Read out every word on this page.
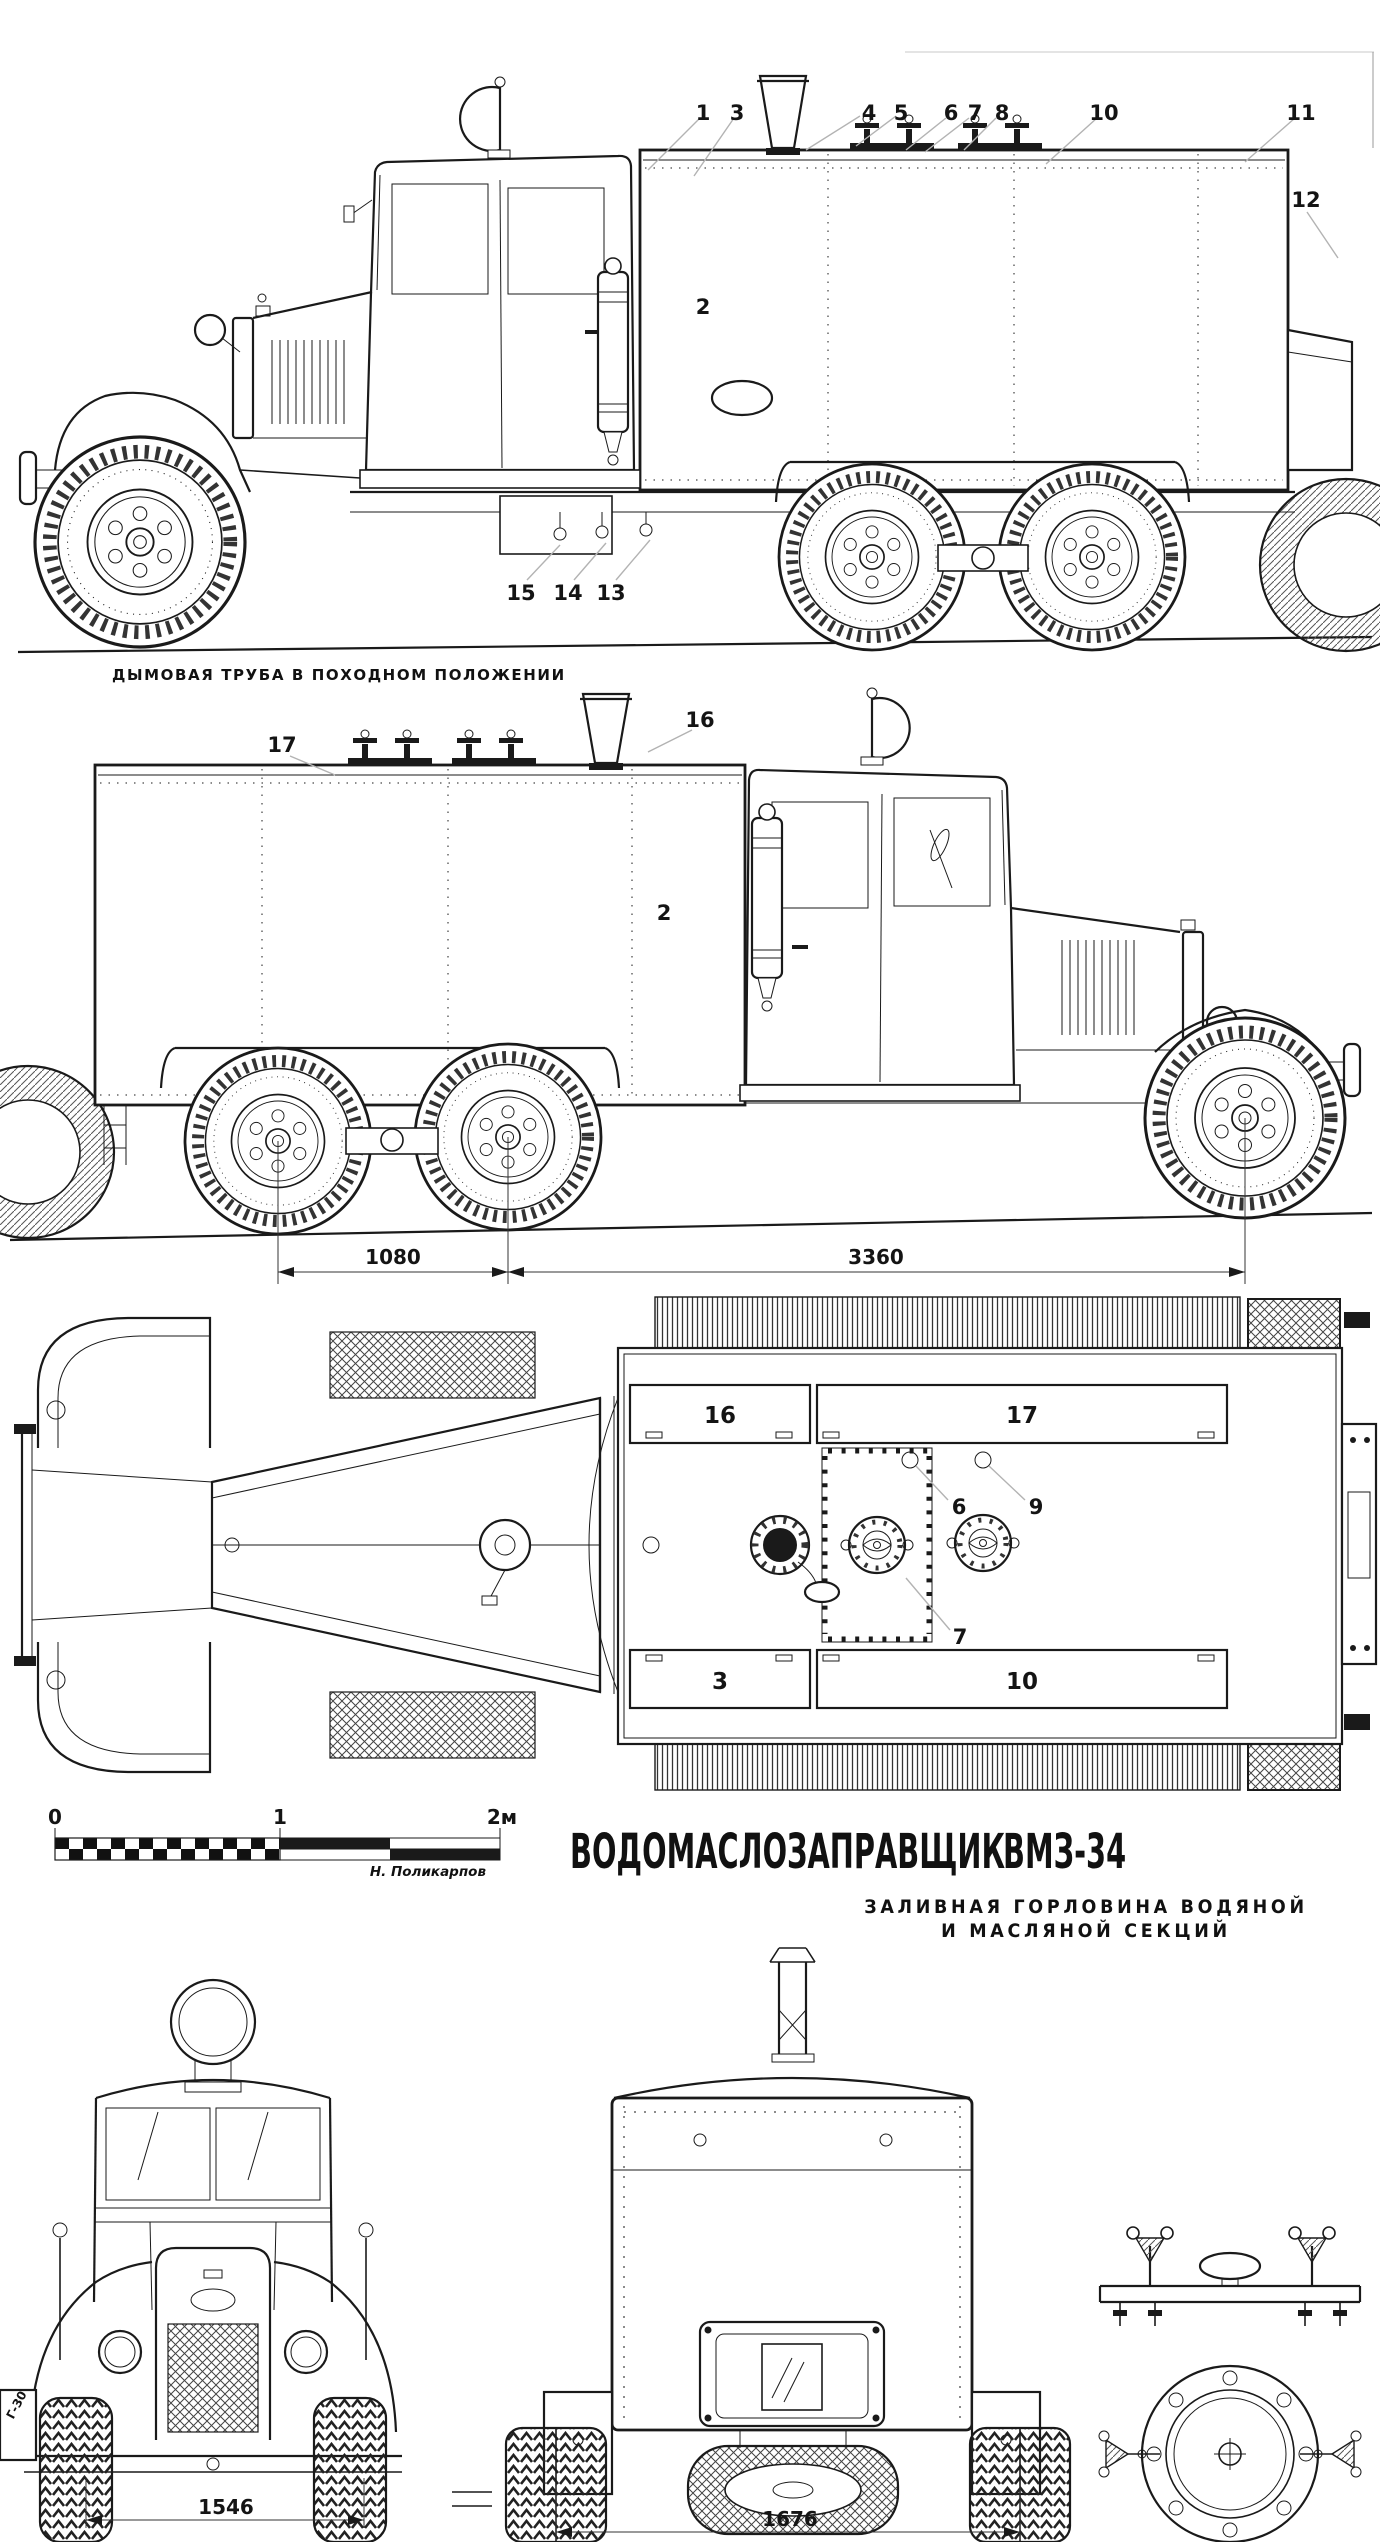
1 3	4 5 6 7 8	10	11
12
2
15 14 13
1080	3360
17
16
2
16	17
3	10
6	9
7
0	1	2м
1546	1676
ДЫМОВАЯ ТРУБА В ПОХОДНОМ ПОЛОЖЕНИИ
Н. Поликарпов ВОДОМАСЛОЗАПРАВЩИК
ВМЗ-34
ЗАЛИВНАЯ ГОРЛОВИНА ВОДЯНОЙ
И МАСЛЯНОЙ СЕКЦИЙ
Г-30
